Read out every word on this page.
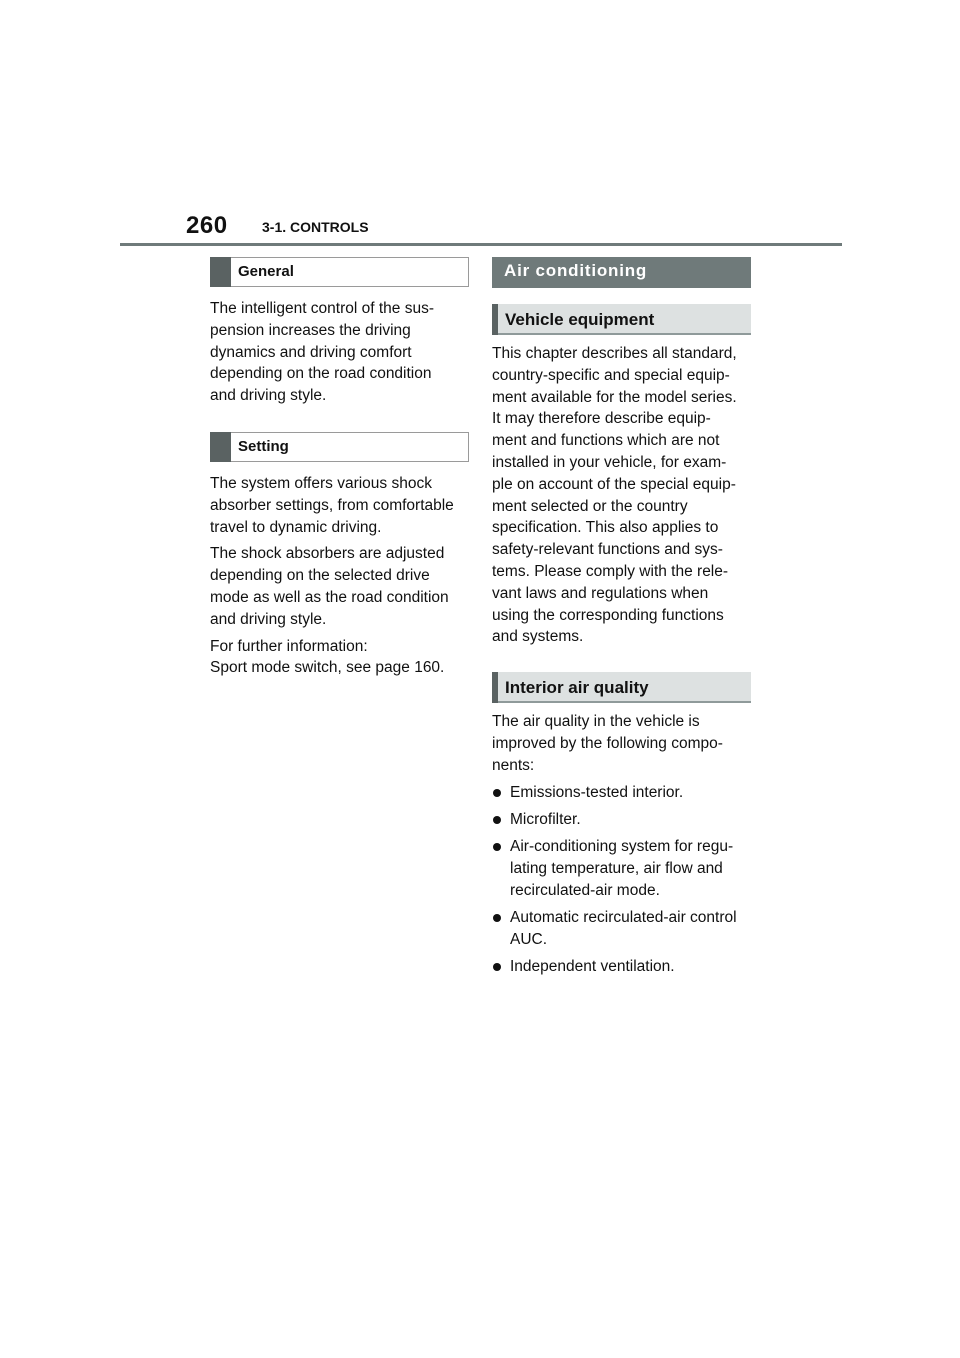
260 3-1. CONTROLS
General

The intelligent control of the sus-
pension increases the driving
dynamics and driving comfort
depending on the road condition
and driving style.

Setting

The system offers various shock
absorber settings, from comfortable
travel to dynamic driving.

The shock absorbers are adjusted
depending on the selected drive
mode as well as the road condition
and driving style.

For further information:
Sport mode switch, see page 160.

Air conditioning
Vehicle equipment

This chapter describes all standard,
country-specific and special equip-
ment available for the model series.
It may therefore describe equip-
ment and functions which are not
installed in your vehicle, for exam-
ple on account of the special equip-
ment selected or the country
specification. This also applies to
safety-relevant functions and sys-
tems. Please comply with the rele-
vant laws and regulations when
using the corresponding functions
and systems.

Interior air quality

The air quality in the vehicle is
improved by the following compo-
nents:

Emissions-tested interior.
Microfilter.
Air-conditioning system for regu-
lating temperature, air flow and
recirculated-air mode.
Automatic recirculated-air control
AUC.
Independent ventilation.
